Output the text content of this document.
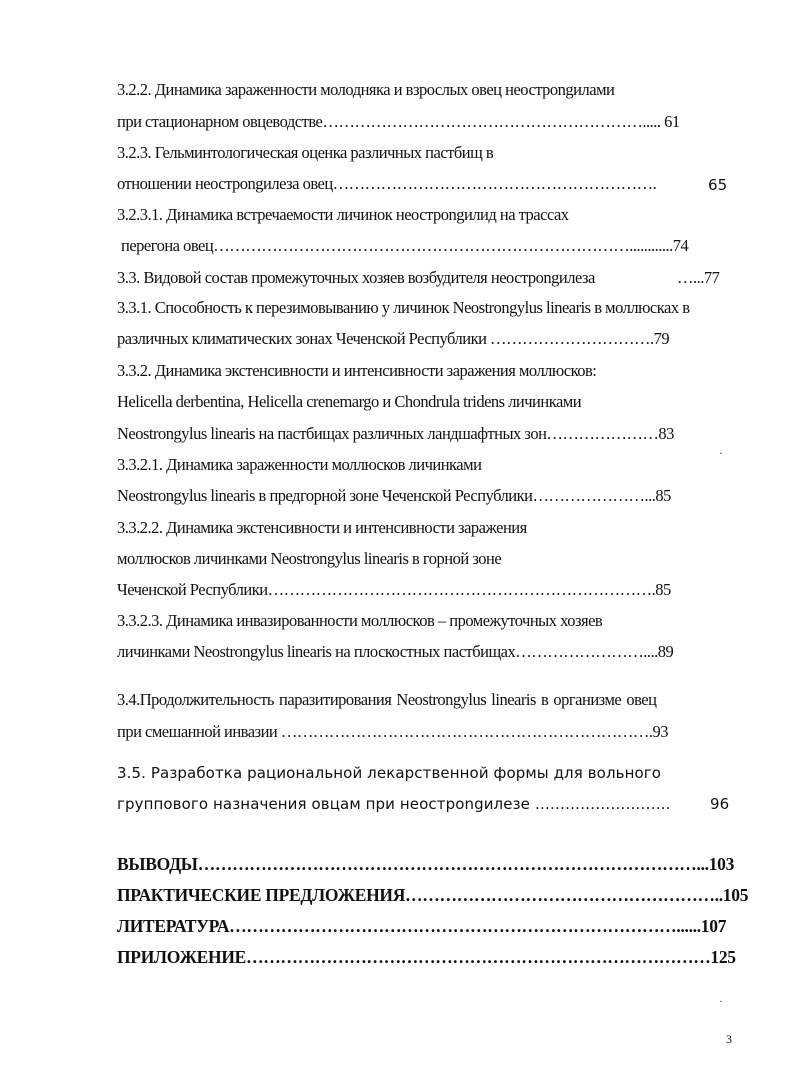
3.2.2. Динамика зараженности молодняка и взрослых овец неострongилами
при стационарном овцеводстве……………………………………………………..... 61
3.2.3. Гельминтологическая оценка различных пастбищ в
отношении неострongилеза овец…………………………………………………….	65
3.2.3.1. Динамика встречаемости личинок неострongилид на трассах
перегона овец……………………………………………………………………............74
3.3. Видовой состав промежуточных хозяев возбудителя неострongилеза	…...77
3.3.1. Способность к перезимовыванию у личинок Neostrongylus linearis в моллюсках в
различных климатических зонах Чеченской Республики ………………………….79
3.3.2. Динамика экстенсивности и интенсивности заражения моллюсков:
Helicella derbentina, Helicella crenemargo и Chondrula tridens личинками
Neostrongylus linearis на пастбищах различных ландшафтных зон…………………83
·
3.3.2.1. Динамика зараженности моллюсков личинками
Neostrongylus linearis в предгорной зоне Чеченской Республики…………………...85
3.3.2.2. Динамика экстенсивности и интенсивности заражения
моллюсков личинками Neostrongylus linearis в горной зоне
Чеченской Республики……………………………………………………………….85
3.3.2.3. Динамика инвазированности моллюсков – промежуточных хозяев
личинками Neostrongylus linearis на плоскостных пастбищах……………………....89
3.4.Продолжительность паразитирования Neostrongylus linearis в организме овец
при смешанной инвазии …………………………………………………………….93
3.5. Разработка рациональной лекарственной формы для вольного
группового назначения овцам при неострongилезе ………………………	96
ВЫВОДЫ……………………………………………………………………………...103
ПРАКТИЧЕСКИЕ ПРЕДЛОЖЕНИЯ………………………………………………..105
ЛИТЕРАТУРА……………………………………………………………………......107
ПРИЛОЖЕНИЕ………………………………………………………………………125
·
3
